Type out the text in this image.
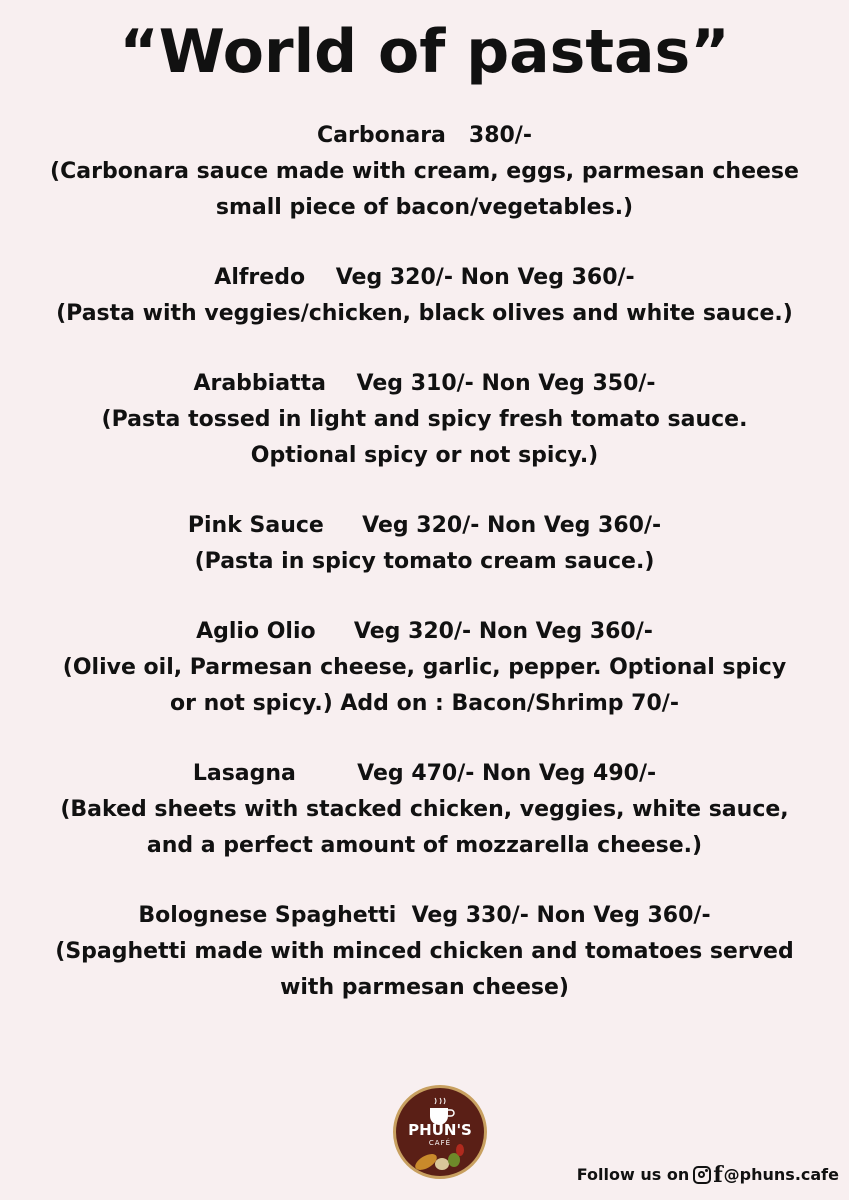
“World of pastas”
Carbonara   380/-
(Carbonara sauce made with cream, eggs, parmesan cheese small piece of bacon/vegetables.)
Alfredo    Veg 320/- Non Veg 360/-
(Pasta with veggies/chicken, black olives and white sauce.)
Arabbiatta    Veg 310/- Non Veg 350/-
(Pasta tossed in light and spicy fresh tomato sauce. Optional spicy or not spicy.)
Pink Sauce     Veg 320/- Non Veg 360/-
(Pasta in spicy tomato cream sauce.)
Aglio Olio     Veg 320/- Non Veg 360/-
(Olive oil, Parmesan cheese, garlic, pepper. Optional spicy or not spicy.) Add on : Bacon/Shrimp 70/-
Lasagna        Veg 470/- Non Veg 490/-
(Baked sheets with stacked chicken, veggies, white sauce, and a perfect amount of mozzarella cheese.)
Bolognese Spaghetti  Veg 330/- Non Veg 360/-
(Spaghetti made with minced chicken and tomatoes served with parmesan cheese)
PHUN'S
CAFÉ
Follow us on f @phuns.cafe
